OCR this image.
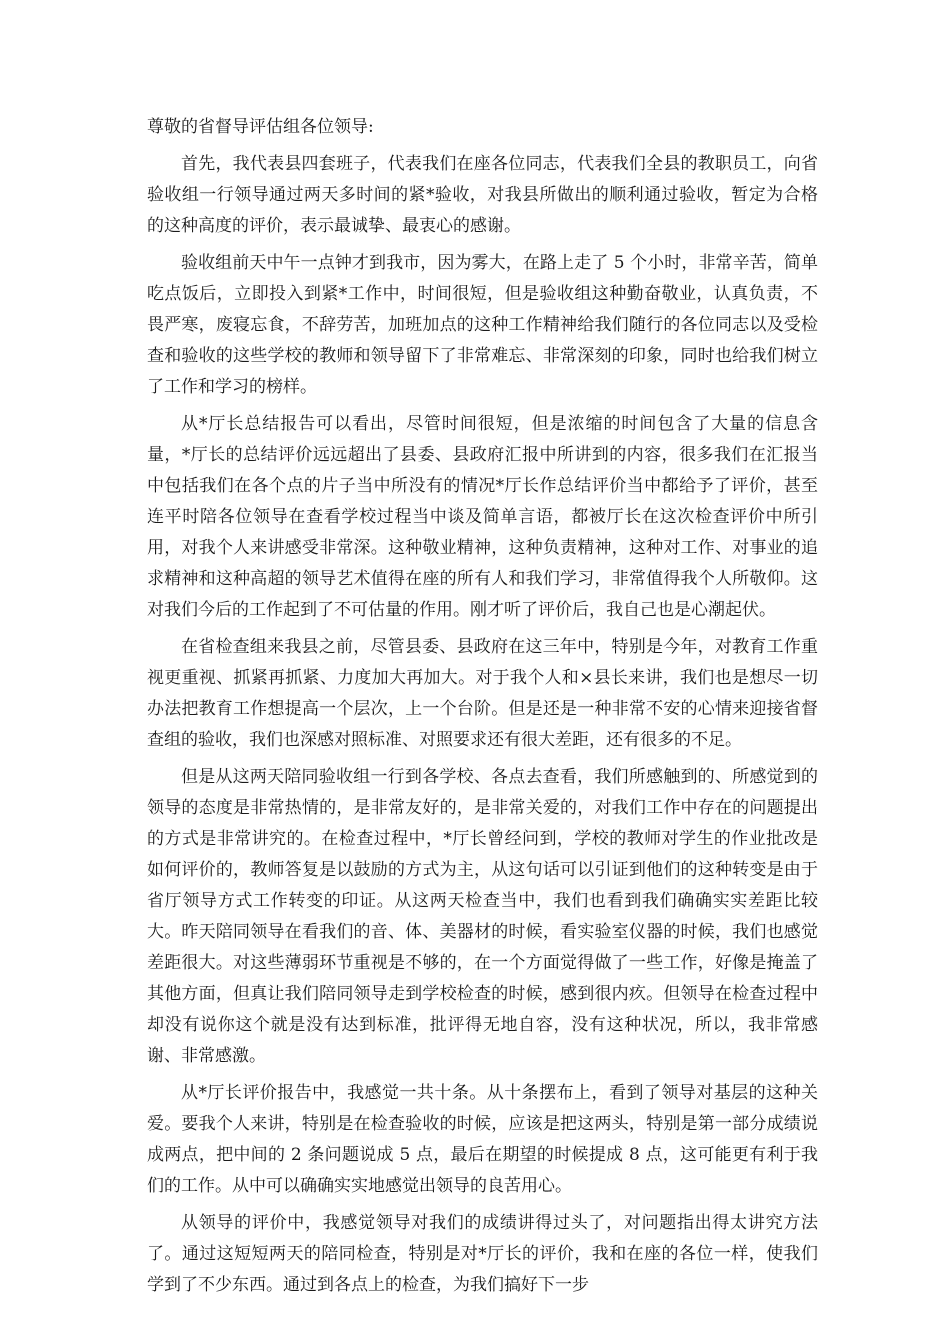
尊敬的省督导评估组各位领导:

首先，我代表县四套班子，代表我们在座各位同志，代表我们全县的教职员工，向省验收组一行领导通过两天多时间的紧*验收，对我县所做出的顺利通过验收，暂定为合格的这种高度的评价，表示最诚挚、最衷心的感谢。

验收组前天中午一点钟才到我市，因为雾大，在路上走了 5 个小时，非常辛苦，简单吃点饭后，立即投入到紧*工作中，时间很短，但是验收组这种勤奋敬业，认真负责，不畏严寒，废寝忘食，不辞劳苦，加班加点的这种工作精神给我们随行的各位同志以及受检查和验收的这些学校的教师和领导留下了非常难忘、非常深刻的印象，同时也给我们树立了工作和学习的榜样。

从*厅长总结报告可以看出，尽管时间很短，但是浓缩的时间包含了大量的信息含量，*厅长的总结评价远远超出了县委、县政府汇报中所讲到的内容，很多我们在汇报当中包括我们在各个点的片子当中所没有的情况*厅长作总结评价当中都给予了评价，甚至连平时陪各位领导在查看学校过程当中谈及简单言语，都被厅长在这次检查评价中所引用，对我个人来讲感受非常深。这种敬业精神，这种负责精神，这种对工作、对事业的追求精神和这种高超的领导艺术值得在座的所有人和我们学习，非常值得我个人所敬仰。这对我们今后的工作起到了不可估量的作用。刚才听了评价后，我自己也是心潮起伏。

在省检查组来我县之前，尽管县委、县政府在这三年中，特别是今年，对教育工作重视更重视、抓紧再抓紧、力度加大再加大。对于我个人和×县长来讲，我们也是想尽一切办法把教育工作想提高一个层次，上一个台阶。但是还是一种非常不安的心情来迎接省督查组的验收，我们也深感对照标准、对照要求还有很大差距，还有很多的不足。

但是从这两天陪同验收组一行到各学校、各点去查看，我们所感触到的、所感觉到的领导的态度是非常热情的，是非常友好的，是非常关爱的，对我们工作中存在的问题提出的方式是非常讲究的。在检查过程中，*厅长曾经问到，学校的教师对学生的作业批改是如何评价的，教师答复是以鼓励的方式为主，从这句话可以引证到他们的这种转变是由于省厅领导方式工作转变的印证。从这两天检查当中，我们也看到我们确确实实差距比较大。昨天陪同领导在看我们的音、体、美器材的时候，看实验室仪器的时候，我们也感觉差距很大。对这些薄弱环节重视是不够的，在一个方面觉得做了一些工作，好像是掩盖了其他方面，但真让我们陪同领导走到学校检查的时候，感到很内疚。但领导在检查过程中却没有说你这个就是没有达到标准，批评得无地自容，没有这种状况，所以，我非常感谢、非常感激。

从*厅长评价报告中，我感觉一共十条。从十条摆布上，看到了领导对基层的这种关爱。要我个人来讲，特别是在检查验收的时候，应该是把这两头，特别是第一部分成绩说成两点，把中间的 2 条问题说成 5 点，最后在期望的时候提成 8 点，这可能更有利于我们的工作。从中可以确确实实地感觉出领导的良苦用心。

从领导的评价中，我感觉领导对我们的成绩讲得过头了，对问题指出得太讲究方法了。通过这短短两天的陪同检查，特别是对*厅长的评价，我和在座的各位一样，使我们学到了不少东西。通过到各点上的检查，为我们搞好下一步
